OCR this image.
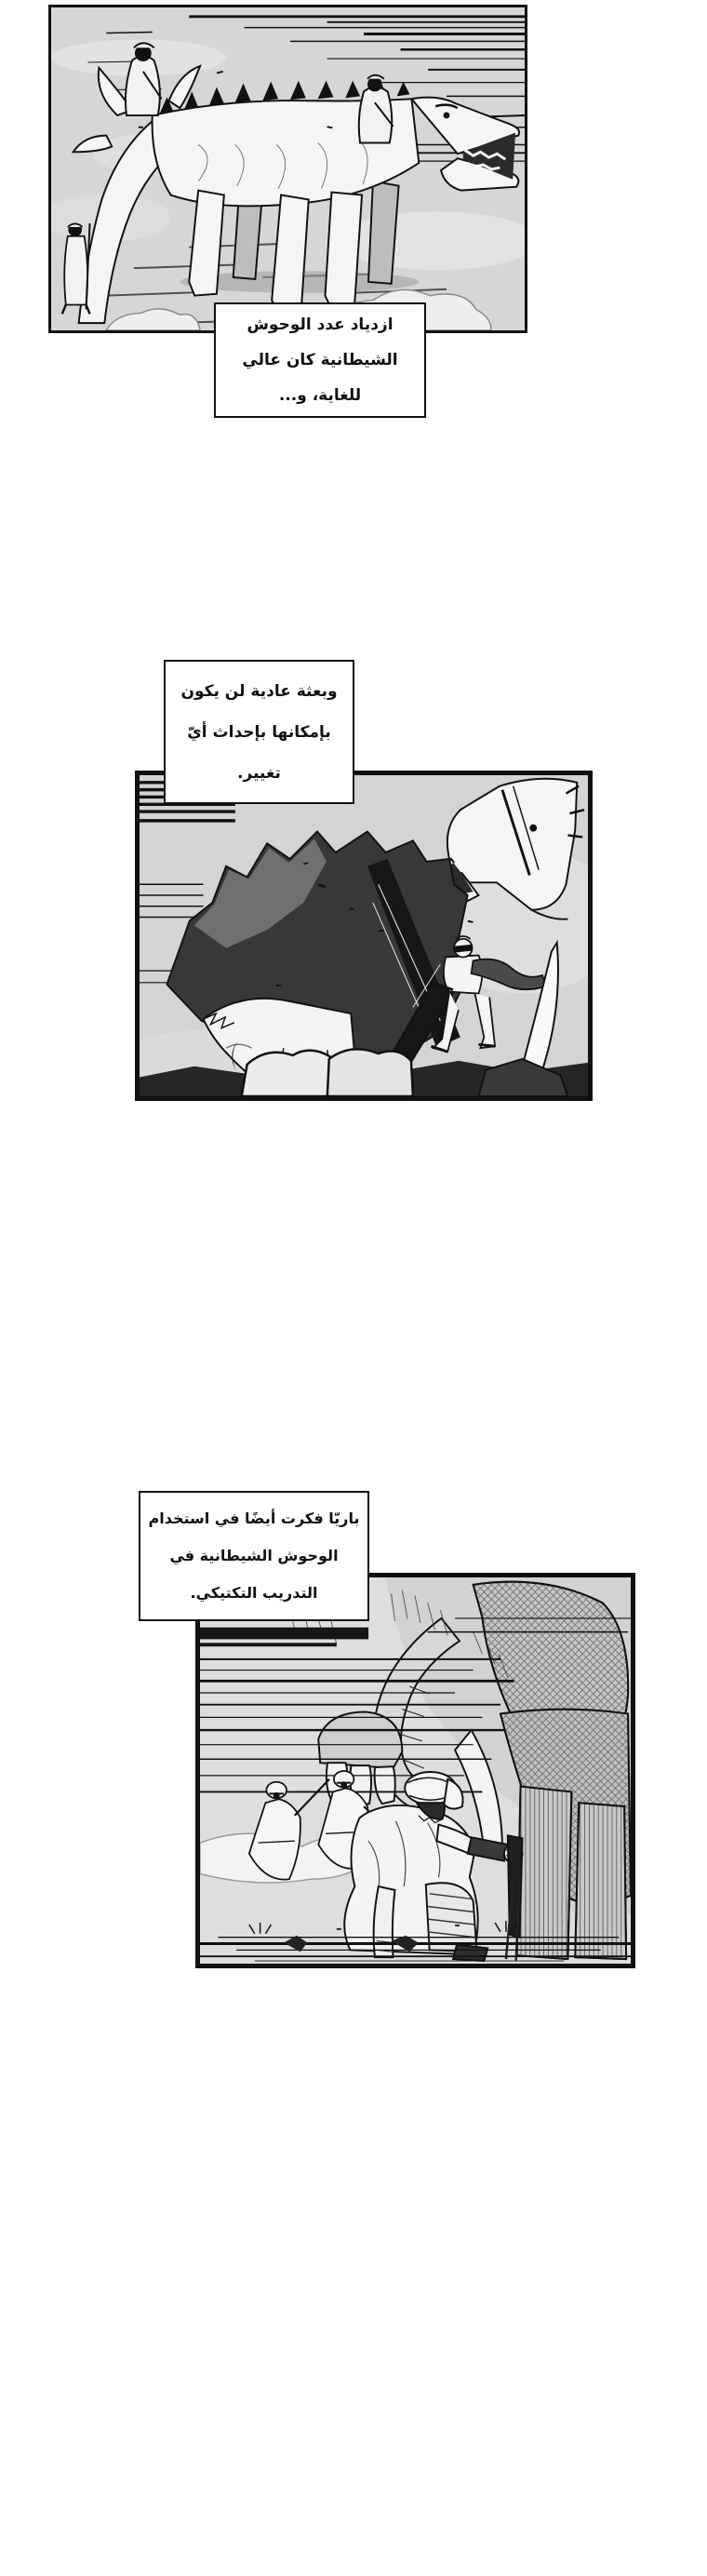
ازدياد عدد الوحوش
الشيطانية كان عالي
للغاية، و...
وبعثة عادية لن يكون
بإمكانها بإحداث أيّ
تغيير.
باريّا فكرت أيضًا في استخدام
الوحوش الشيطانية في
التدريب التكتيكي.
